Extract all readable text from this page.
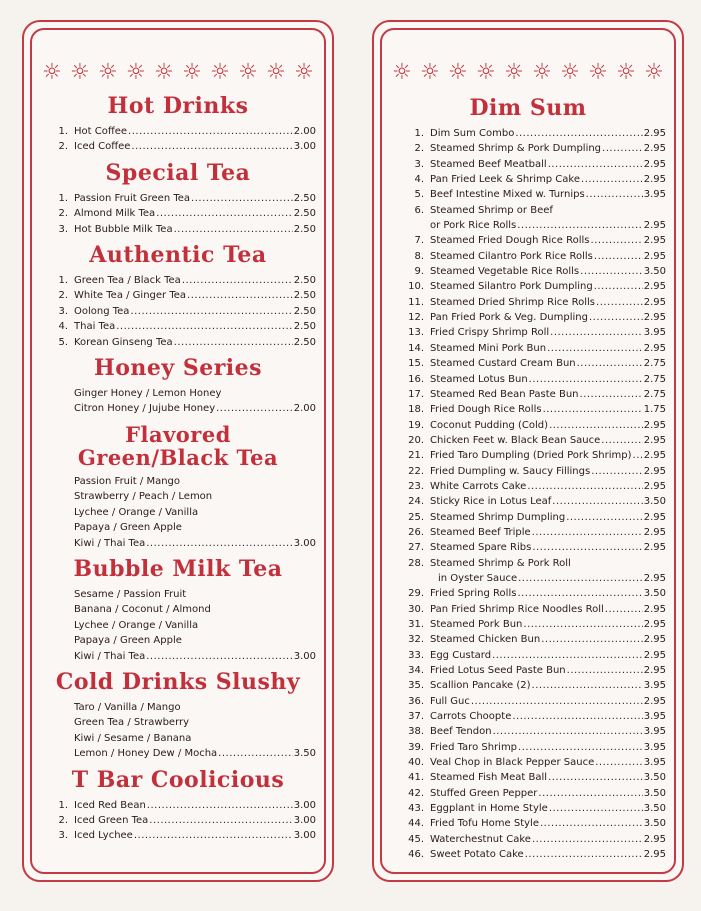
☼ ☼ ☼ ☼ ☼ ☼ ☼ ☼ ☼ ☼
Hot Drinks
1. Hot Coffee .....	2.00
2. Iced Coffee .....	3.00
Special Tea
1. Passion Fruit Green Tea .....	2.50
2. Almond Milk Tea .....	2.50
3. Hot Bubble Milk Tea .....	2.50
Authentic Tea
1. Green Tea / Black Tea .....	2.50
2. White Tea / Ginger Tea .....	2.50
3. Oolong Tea .....	2.50
4. Thai Tea .....	2.50
5. Korean Ginseng Tea .....	2.50
Honey Series
Ginger Honey / Lemon Honey
Citron Honey / Jujube Honey .....	2.00
Flavored
Green/Black Tea
Passion Fruit / Mango
Strawberry / Peach / Lemon
Lychee / Orange / Vanilla
Papaya / Green Apple
Kiwi / Thai Tea .....	3.00
Bubble Milk Tea
Sesame / Passion Fruit
Banana / Coconut / Almond
Lychee / Orange / Vanilla
Papaya / Green Apple
Kiwi / Thai Tea .....	3.00
Cold Drinks Slushy
Taro / Vanilla / Mango
Green Tea / Strawberry
Kiwi / Sesame / Banana
Lemon / Honey Dew / Mocha .....	3.50
T Bar Coolicious
1. Iced Red Bean .....	3.00
2. Iced Green Tea .....	3.00
3. Iced Lychee .....	3.00
☼ ☼ ☼ ☼ ☼ ☼ ☼ ☼ ☼ ☼
Dim Sum
1. Dim Sum Combo .....	2.95
2. Steamed Shrimp & Pork Dumpling .....	2.95
3. Steamed Beef Meatball .....	2.95
4. Pan Fried Leek & Shrimp Cake .....	2.95
5. Beef Intestine Mixed w. Turnips .....	3.95
6. Steamed Shrimp or Beef
or Pork Rice Rolls .....	2.95
7. Steamed Fried Dough Rice Rolls .....	2.95
8. Steamed Cilantro Pork Rice Rolls .....	2.95
9. Steamed Vegetable Rice Rolls .....	3.50
10. Steamed Silantro Pork Dumpling .....	2.95
11. Steamed Dried Shrimp Rice Rolls .....	2.95
12. Pan Fried Pork & Veg. Dumpling .....	2.95
13. Fried Crispy Shrimp Roll .....	3.95
14. Steamed Mini Pork Bun .....	2.95
15. Steamed Custard Cream Bun .....	2.75
16. Steamed Lotus Bun .....	2.75
17. Steamed Red Bean Paste Bun .....	2.75
18. Fried Dough Rice Rolls .....	1.75
19. Coconut Pudding (Cold) .....	2.95
20. Chicken Feet w. Black Bean Sauce .....	2.95
21. Fried Taro Dumpling (Dried Pork Shrimp) ..... 2.95
22. Fried Dumpling w. Saucy Fillings .....	2.95
23. White Carrots Cake .....	2.95
24. Sticky Rice in Lotus Leaf .....	3.50
25. Steamed Shrimp Dumpling .....	2.95
26. Steamed Beef Triple .....	2.95
27. Steamed Spare Ribs .....	2.95
28. Steamed Shrimp & Pork Roll
in Oyster Sauce .....	2.95
29. Fried Spring Rolls .....	3.50
30. Pan Fried Shrimp Rice Noodles Roll .....	2.95
31. Steamed Pork Bun .....	2.95
32. Steamed Chicken Bun .....	2.95
33. Egg Custard .....	2.95
34. Fried Lotus Seed Paste Bun .....	2.95
35. Scallion Pancake (2) .....	3.95
36. Full Guc .....	2.95
37. Carrots Choopte .....	3.95
38. Beef Tendon .....	3.95
39. Fried Taro Shrimp .....	3.95
40. Veal Chop in Black Pepper Sauce .....	3.95
41. Steamed Fish Meat Ball .....	3.50
42. Stuffed Green Pepper .....	3.50
43. Eggplant in Home Style .....	3.50
44. Fried Tofu Home Style .....	3.50
45. Waterchestnut Cake .....	2.95
46. Sweet Potato Cake .....	2.95
